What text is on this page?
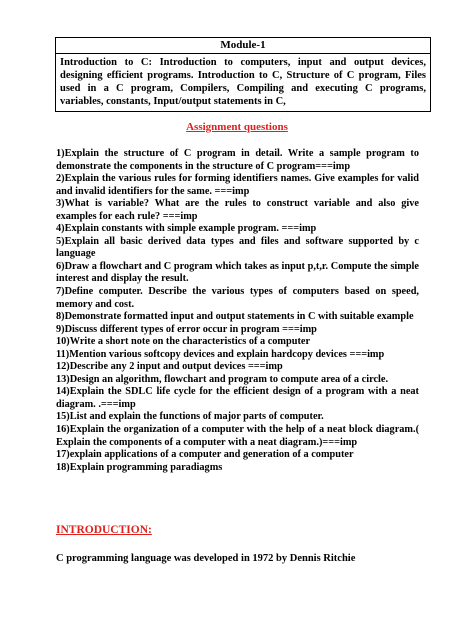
Module-1
Introduction to C: Introduction to computers, input and output devices, designing efficient programs. Introduction to C, Structure of C program, Files used in a C program, Compilers, Compiling and executing C programs, variables, constants, Input/output statements in C,
Assignment questions
1)Explain the structure of C program in detail. Write a sample program to demonstrate the components in the structure of C program===imp
2)Explain the various rules for forming identifiers names. Give examples for valid and invalid identifiers for the same. ===imp
3)What is variable? What are the rules to construct variable and also give examples for each rule? ===imp
4)Explain constants with simple example program. ===imp
5)Explain all basic derived data types and files and software supported by c language
6)Draw a flowchart and C program which takes as input p,t,r. Compute the simple interest and display the result.
7)Define computer. Describe the various types of computers based on speed, memory and cost.
8)Demonstrate formatted input and output statements in C with suitable example
9)Discuss different types of error occur in program ===imp
10)Write a short note on the characteristics of a computer
11)Mention various softcopy devices and explain hardcopy devices ===imp
12)Describe any 2 input and output devices ===imp
13)Design an algorithm, flowchart and program to compute area of a circle.
14)Explain the SDLC life cycle for the efficient design of a program with a neat diagram. .===imp
15)List and explain the functions of major parts of computer.
16)Explain the organization of a computer with the help of a neat block diagram.( Explain the components of a computer with a neat diagram.)===imp
17)explain applications of a computer and generation of a computer
18)Explain programming paradiagms
INTRODUCTION:
C programming language was developed in 1972 by Dennis Ritchie
